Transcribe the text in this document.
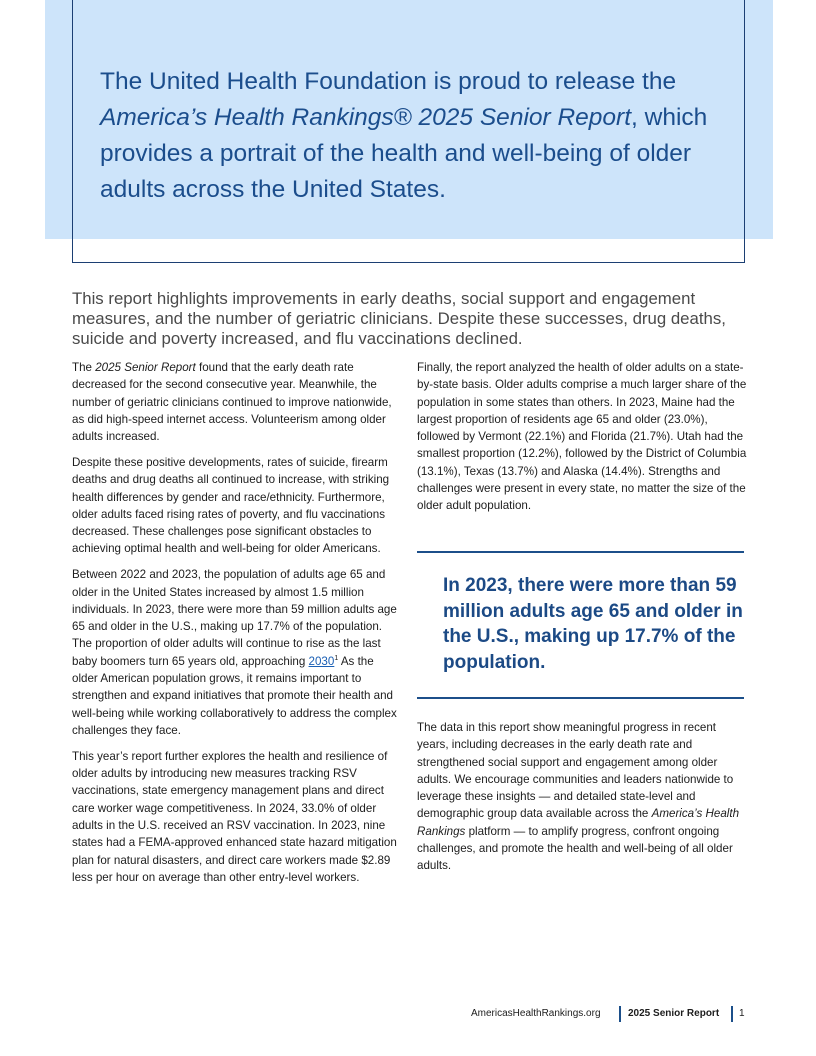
The United Health Foundation is proud to release the America’s Health Rankings® 2025 Senior Report, which provides a portrait of the health and well-being of older adults across the United States.

This report highlights improvements in early deaths, social support and engagement measures, and the number of geriatric clinicians. Despite these successes, drug deaths, suicide and poverty increased, and flu vaccinations declined.

The 2025 Senior Report found that the early death rate decreased for the second consecutive year. Meanwhile, the number of geriatric clinicians continued to improve nationwide, as did high-speed internet access. Volunteerism among older adults increased.

Despite these positive developments, rates of suicide, firearm deaths and drug deaths all continued to increase, with striking health differences by gender and race/ethnicity. Furthermore, older adults faced rising rates of poverty, and flu vaccinations decreased. These challenges pose significant obstacles to achieving optimal health and well-being for older Americans.

Between 2022 and 2023, the population of adults age 65 and older in the United States increased by almost 1.5 million individuals. In 2023, there were more than 59 million adults age 65 and older in the U.S., making up 17.7% of the population. The proportion of older adults will continue to rise as the last baby boomers turn 65 years old, approaching 2030$^1$ As the older American population grows, it remains important to strengthen and expand initiatives that promote their health and well-being while working collaboratively to address the complex challenges they face.

This year’s report further explores the health and resilience of older adults by introducing new measures tracking RSV vaccinations, state emergency management plans and direct care worker wage competitiveness. In 2024, 33.0% of older adults in the U.S. received an RSV vaccination. In 2023, nine states had a FEMA-approved enhanced state hazard mitigation plan for natural disasters, and direct care workers made $2.89 less per hour on average than other entry-level workers.

Finally, the report analyzed the health of older adults on a state-by-state basis. Older adults comprise a much larger share of the population in some states than others. In 2023, Maine had the largest proportion of residents age 65 and older (23.0%), followed by Vermont (22.1%) and Florida (21.7%). Utah had the smallest proportion (12.2%), followed by the District of Columbia (13.1%), Texas (13.7%) and Alaska (14.4%). Strengths and challenges were present in every state, no matter the size of the older adult population.

In 2023, there were more than 59 million adults age 65 and older in the U.S., making up 17.7% of the population.

The data in this report show meaningful progress in recent years, including decreases in the early death rate and strengthened social support and engagement among older adults. We encourage communities and leaders nationwide to leverage these insights — and detailed state-level and demographic group data available across the America’s Health Rankings platform — to amplify progress, confront ongoing challenges, and promote the health and well-being of all older adults.

AmericasHealthRankings.org	2025 Senior Report 1
